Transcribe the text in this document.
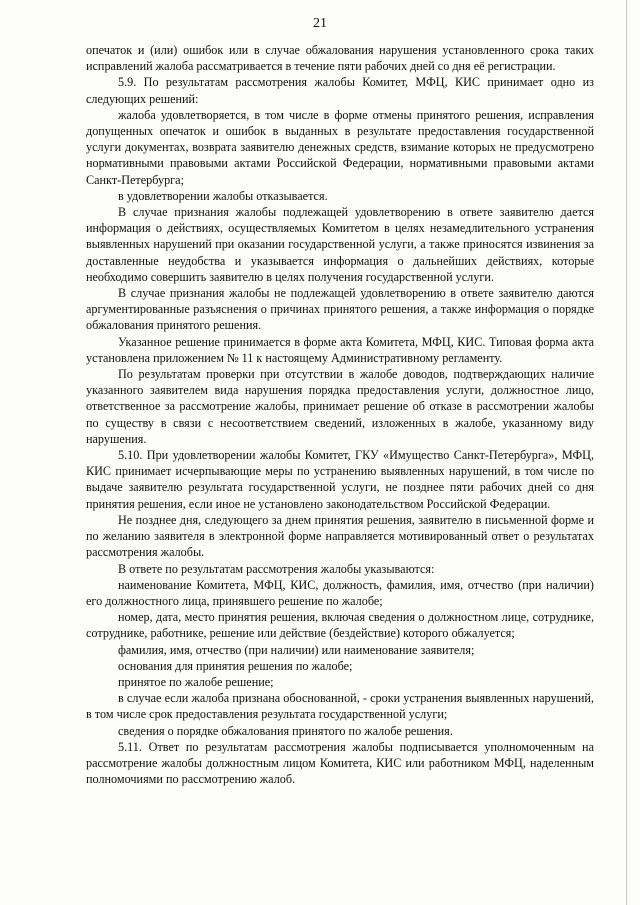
21

опечаток и (или) ошибок или в случае обжалования нарушения установленного срока таких исправлений жалоба рассматривается в течение пяти рабочих дней со дня её регистрации.

5.9. По результатам рассмотрения жалобы Комитет, МФЦ, КИС принимает одно из следующих решений:

жалоба удовлетворяется, в том числе в форме отмены принятого решения, исправления допущенных опечаток и ошибок в выданных в результате предоставления государственной услуги документах, возврата заявителю денежных средств, взимание которых не предусмотрено нормативными правовыми актами Российской Федерации, нормативными правовыми актами Санкт-Петербурга;

в удовлетворении жалобы отказывается.

В случае признания жалобы подлежащей удовлетворению в ответе заявителю дается информация о действиях, осуществляемых Комитетом в целях незамедлительного устранения выявленных нарушений при оказании государственной услуги, а также приносятся извинения за доставленные неудобства и указывается информация о дальнейших действиях, которые необходимо совершить заявителю в целях получения государственной услуги.

В случае признания жалобы не подлежащей удовлетворению в ответе заявителю даются аргументированные разъяснения о причинах принятого решения, а также информация о порядке обжалования принятого решения.

Указанное решение принимается в форме акта Комитета, МФЦ, КИС. Типовая форма акта установлена приложением № 11 к настоящему Административному регламенту.

По результатам проверки при отсутствии в жалобе доводов, подтверждающих наличие указанного заявителем вида нарушения порядка предоставления услуги, должностное лицо, ответственное за рассмотрение жалобы, принимает решение об отказе в рассмотрении жалобы по существу в связи с несоответствием сведений, изложенных в жалобе, указанному виду нарушения.

5.10. При удовлетворении жалобы Комитет, ГКУ «Имущество Санкт-Петербурга», МФЦ, КИС принимает исчерпывающие меры по устранению выявленных нарушений, в том числе по выдаче заявителю результата государственной услуги, не позднее пяти рабочих дней со дня принятия решения, если иное не установлено законодательством Российской Федерации.

Не позднее дня, следующего за днем принятия решения, заявителю в письменной форме и по желанию заявителя в электронной форме направляется мотивированный ответ о результатах рассмотрения жалобы.

В ответе по результатам рассмотрения жалобы указываются:

наименование Комитета, МФЦ, КИС, должность, фамилия, имя, отчество (при наличии) его должностного лица, принявшего решение по жалобе;

номер, дата, место принятия решения, включая сведения о должностном лице, сотруднике, сотруднике, работнике, решение или действие (бездействие) которого обжалуется;

фамилия, имя, отчество (при наличии) или наименование заявителя;

основания для принятия решения по жалобе;

принятое по жалобе решение;

в случае если жалоба признана обоснованной, - сроки устранения выявленных нарушений, в том числе срок предоставления результата государственной услуги;

сведения о порядке обжалования принятого по жалобе решения.

5.11. Ответ по результатам рассмотрения жалобы подписывается уполномоченным на рассмотрение жалобы должностным лицом Комитета, КИС или работником МФЦ, наделенным полномочиями по рассмотрению жалоб.
